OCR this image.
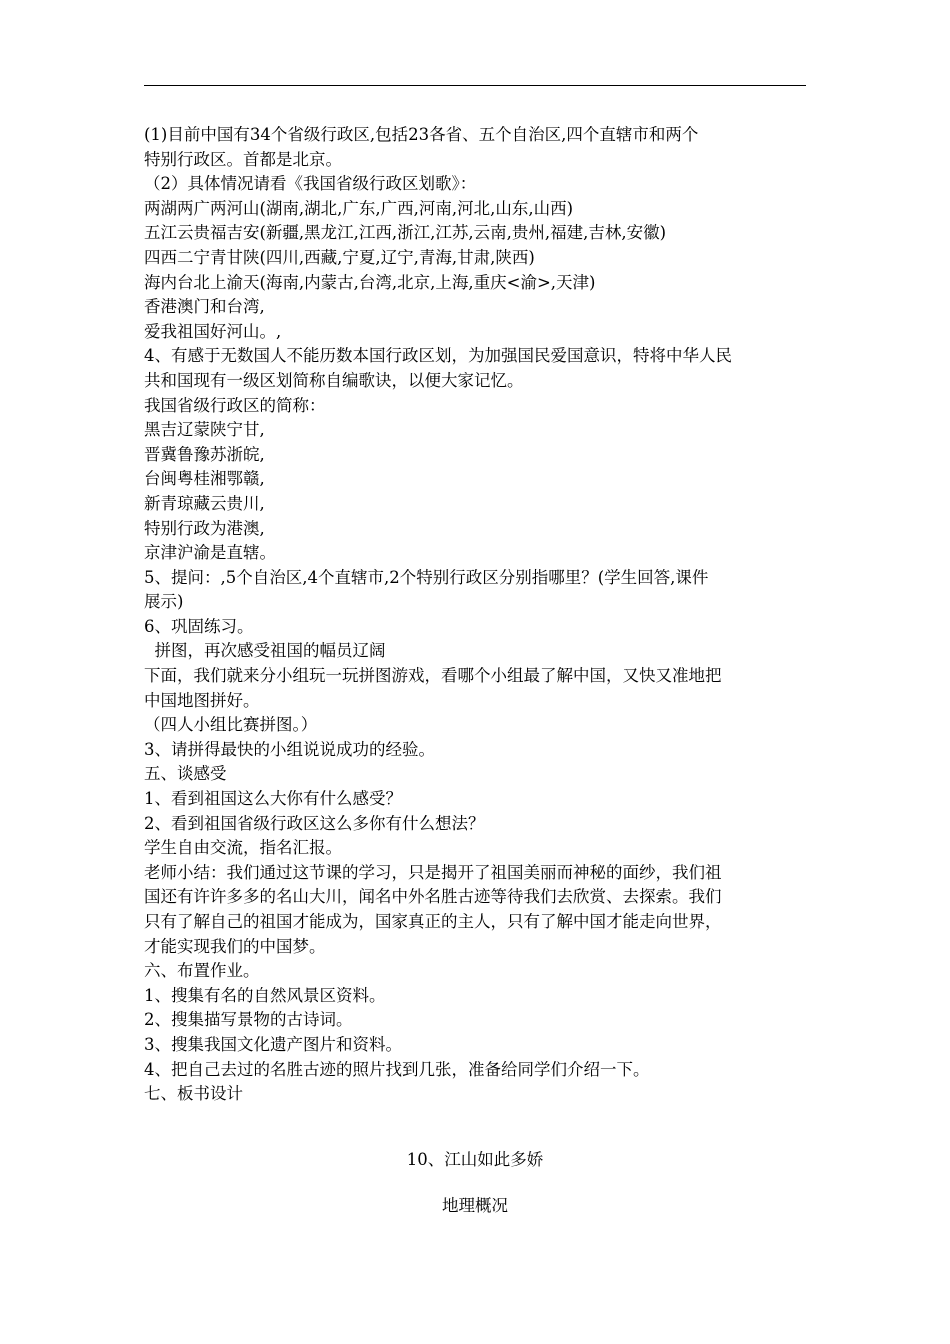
(1)目前中国有34个省级行政区,包括23各省、五个自治区,四个直辖市和两个
特别行政区。首都是北京。
（2）具体情况请看《我国省级行政区划歌》：
两湖两广两河山(湖南,湖北,广东,广西,河南,河北,山东,山西)
五江云贵福吉安(新疆,黑龙江,江西,浙江,江苏,云南,贵州,福建,吉林,安徽)
四西二宁青甘陕(四川,西藏,宁夏,辽宁,青海,甘肃,陕西)
海内台北上渝天(海南,内蒙古,台湾,北京,上海,重庆<渝>,天津)
香港澳门和台湾,
爱我祖国好河山。,
4、有感于无数国人不能历数本国行政区划，为加强国民爱国意识，特将中华人民
共和国现有一级区划简称自编歌诀，以便大家记忆。
我国省级行政区的简称：
黑吉辽蒙陕宁甘,
晋冀鲁豫苏浙皖,
台闽粤桂湘鄂赣,
新青琼藏云贵川,
特别行政为港澳,
京津沪渝是直辖。
5、提问：,5个自治区,4个直辖市,2个特别行政区分别指哪里？(学生回答,课件
展示)
6、巩固练习。
拼图，再次感受祖国的幅员辽阔
下面，我们就来分小组玩一玩拼图游戏，看哪个小组最了解中国，又快又准地把
中国地图拼好。
（四人小组比赛拼图。）
3、请拼得最快的小组说说成功的经验。
五、谈感受
1、看到祖国这么大你有什么感受？
2、看到祖国省级行政区这么多你有什么想法？
学生自由交流，指名汇报。
老师小结：我们通过这节课的学习，只是揭开了祖国美丽而神秘的面纱，我们祖
国还有许许多多的名山大川，闻名中外名胜古迹等待我们去欣赏、去探索。我们
只有了解自己的祖国才能成为，国家真正的主人，只有了解中国才能走向世界，
才能实现我们的中国梦。
六、布置作业。
1、搜集有名的自然风景区资料。
2、搜集描写景物的古诗词。
3、搜集我国文化遗产图片和资料。
4、把自己去过的名胜古迹的照片找到几张，准备给同学们介绍一下。
七、板书设计
10、江山如此多娇
地理概况
